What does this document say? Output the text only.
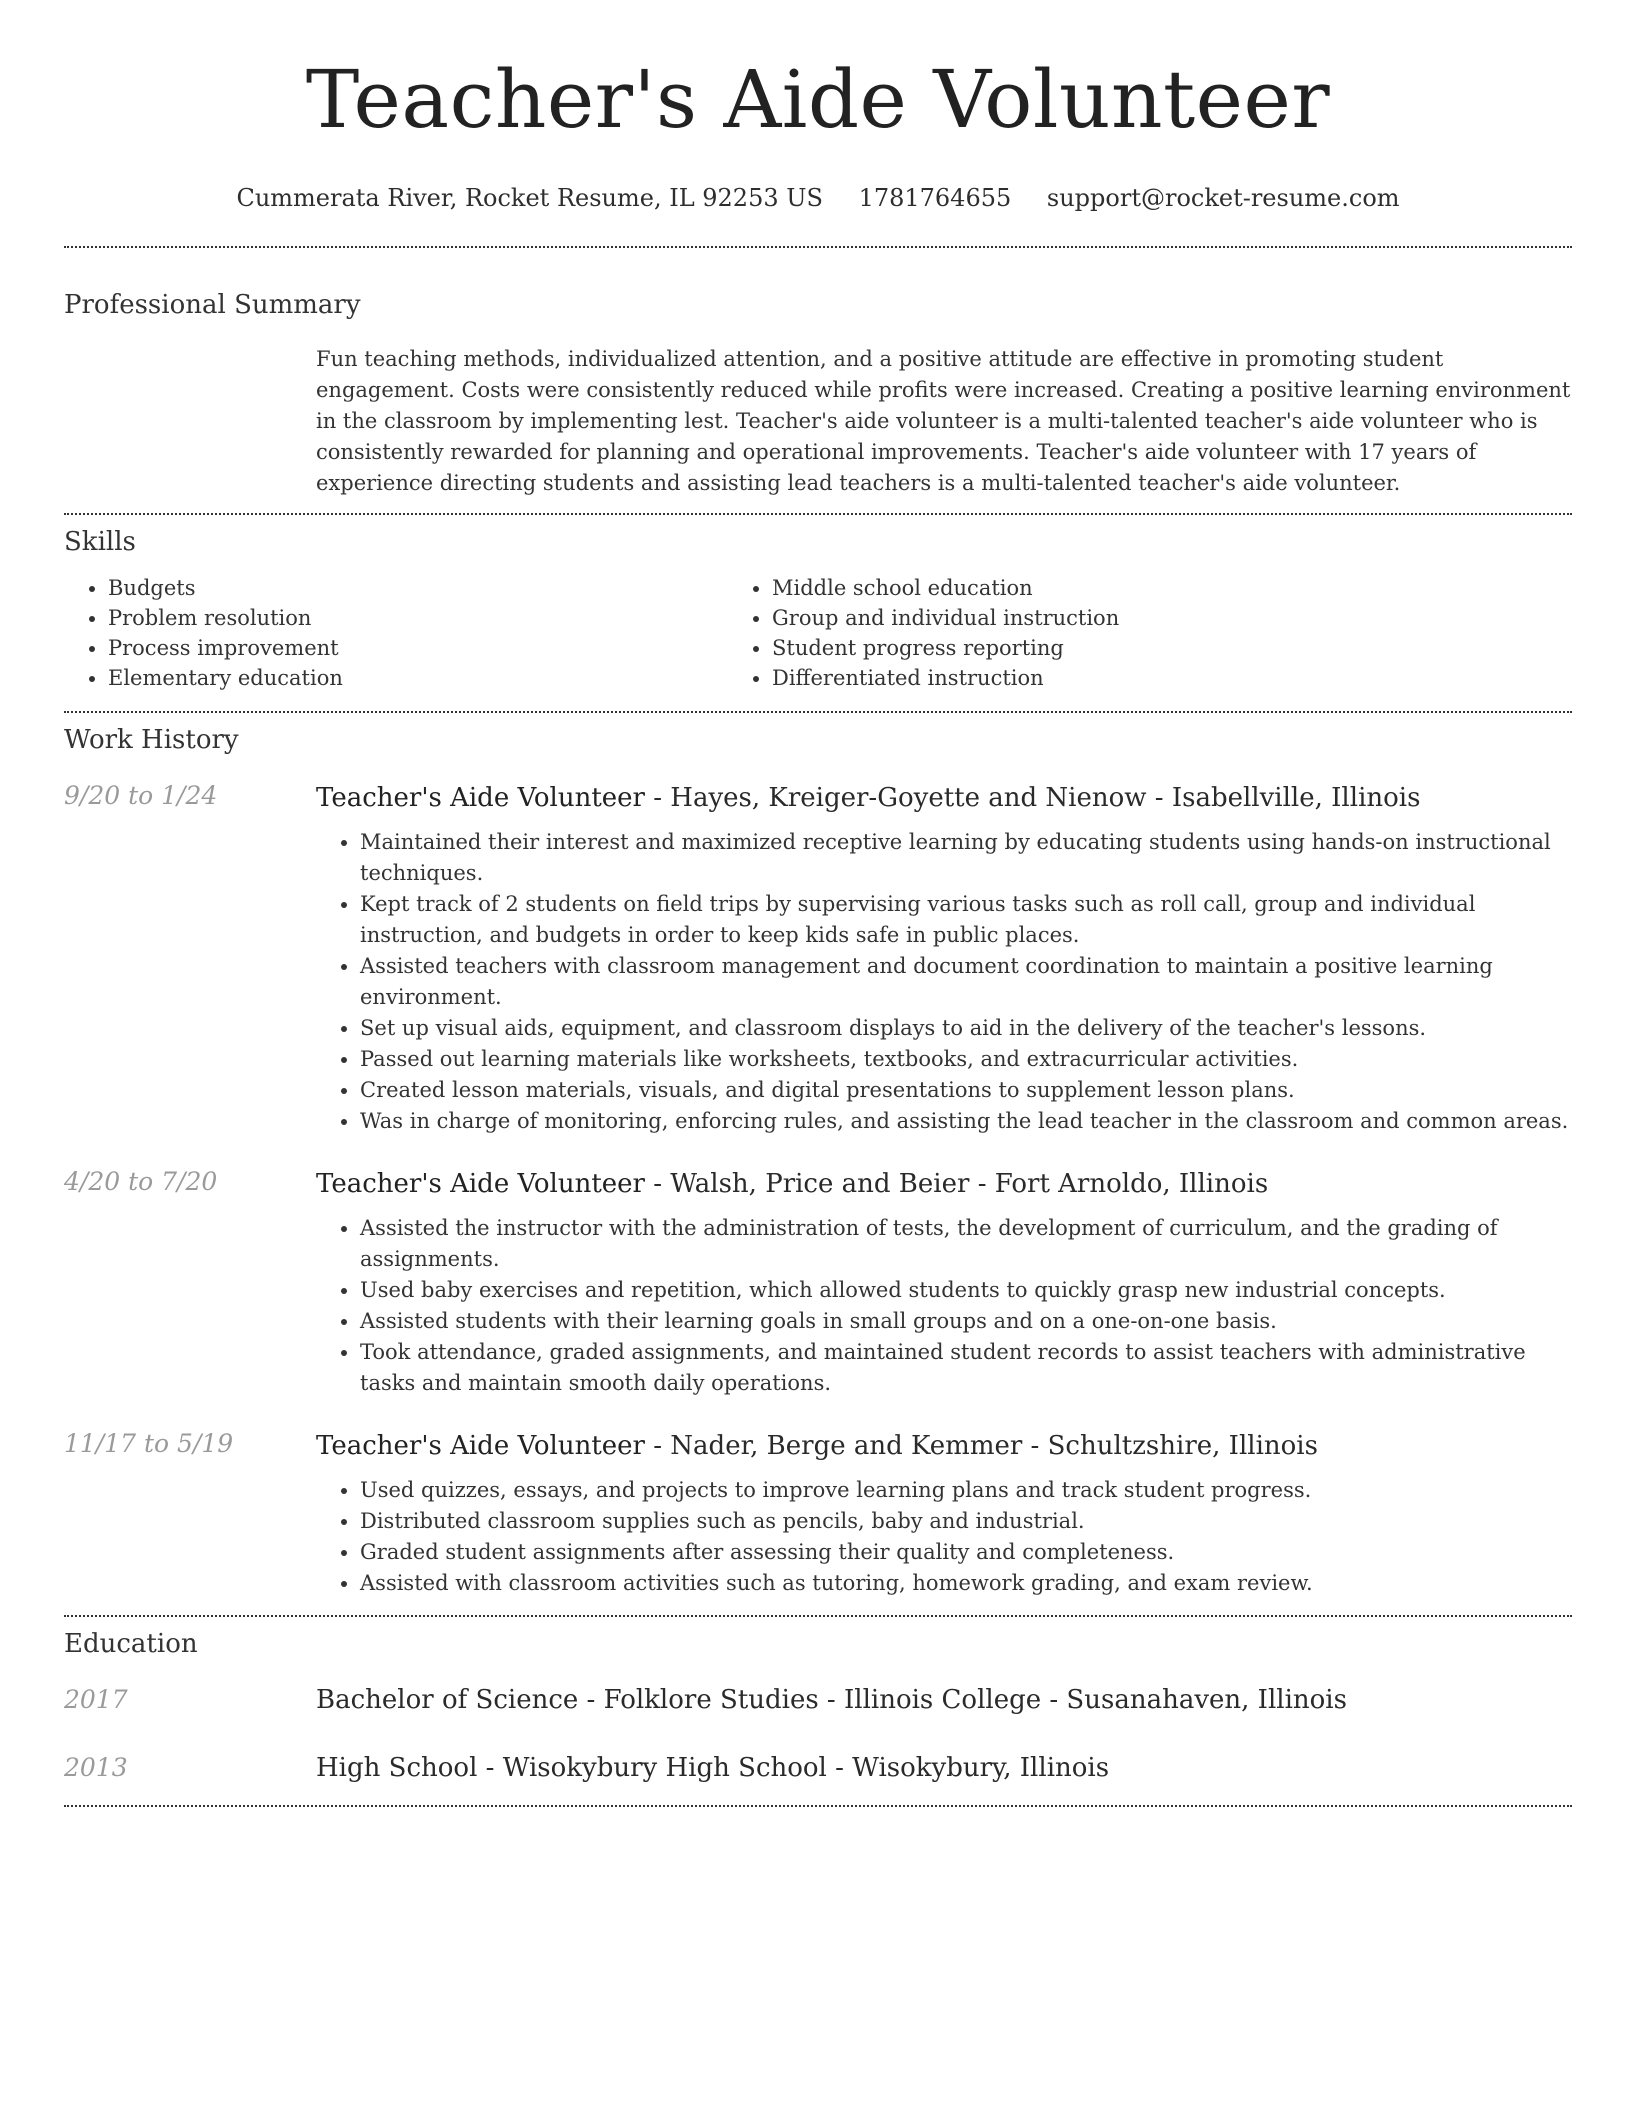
Teacher's Aide Volunteer
Cummerata River, Rocket Resume, IL 92253 US 1781764655 support@rocket-resume.com
Professional Summary

Fun teaching methods, individualized attention, and a positive attitude are effective in promoting student engagement. Costs were consistently reduced while profits were increased. Creating a positive learning environment in the classroom by implementing lest. Teacher's aide volunteer is a multi-talented teacher's aide volunteer who is consistently rewarded for planning and operational improvements. Teacher's aide volunteer with 17 years of experience directing students and assisting lead teachers is a multi-talented teacher's aide volunteer.

Skills
• Budgets
• Problem resolution
• Process improvement
• Elementary education
• Middle school education
• Group and individual instruction
• Student progress reporting
• Differentiated instruction
Work History
9/20 to 1/24	Teacher's Aide Volunteer - Hayes, Kreiger-Goyette and Nienow - Isabellville, Illinois
• Maintained their interest and maximized receptive learning by educating students using hands-on instructional techniques.
• Kept track of 2 students on field trips by supervising various tasks such as roll call, group and individual instruction, and budgets in order to keep kids safe in public places.
• Assisted teachers with classroom management and document coordination to maintain a positive learning environment.
• Set up visual aids, equipment, and classroom displays to aid in the delivery of the teacher's lessons.
• Passed out learning materials like worksheets, textbooks, and extracurricular activities.
• Created lesson materials, visuals, and digital presentations to supplement lesson plans.
• Was in charge of monitoring, enforcing rules, and assisting the lead teacher in the classroom and common areas.
4/20 to 7/20	Teacher's Aide Volunteer - Walsh, Price and Beier - Fort Arnoldo, Illinois
• Assisted the instructor with the administration of tests, the development of curriculum, and the grading of assignments.
• Used baby exercises and repetition, which allowed students to quickly grasp new industrial concepts.
• Assisted students with their learning goals in small groups and on a one-on-one basis.
• Took attendance, graded assignments, and maintained student records to assist teachers with administrative tasks and maintain smooth daily operations.
11/17 to 5/19	Teacher's Aide Volunteer - Nader, Berge and Kemmer - Schultzshire, Illinois
• Used quizzes, essays, and projects to improve learning plans and track student progress.
• Distributed classroom supplies such as pencils, baby and industrial.
• Graded student assignments after assessing their quality and completeness.
• Assisted with classroom activities such as tutoring, homework grading, and exam review.
Education
2017	Bachelor of Science - Folklore Studies - Illinois College - Susanahaven, Illinois
2013	High School - Wisokybury High School - Wisokybury, Illinois
